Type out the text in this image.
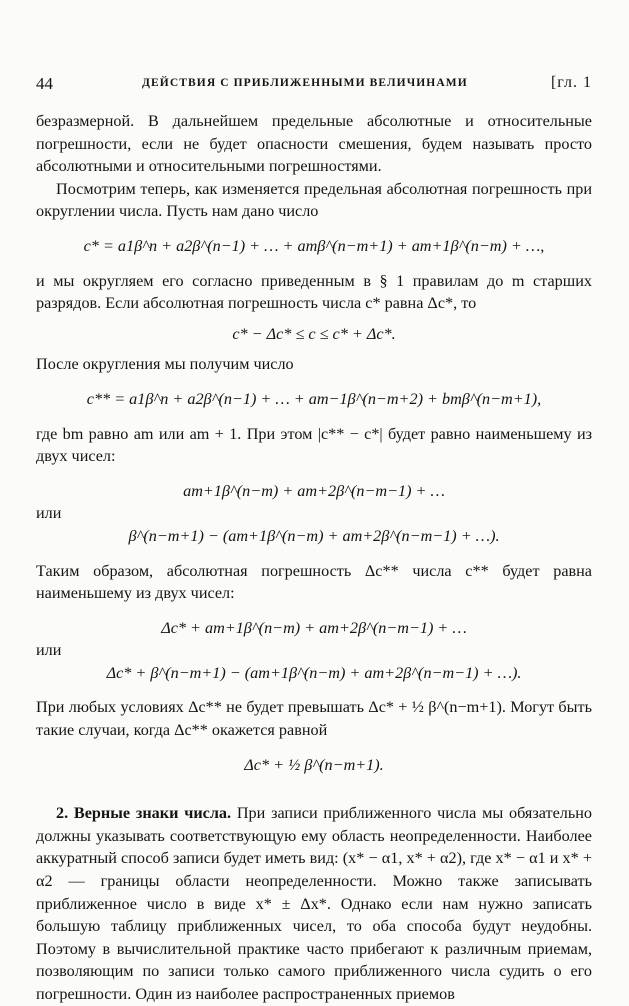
44	ДЕЙСТВИЯ С ПРИБЛИЖЕННЫМИ ВЕЛИЧИНАМИ	[гл. 1

безразмерной. В дальнейшем предельные абсолютные и относительные погрешности, если не будет опасности смешения, будем называть просто абсолютными и относительными погрешностями.

Посмотрим теперь, как изменяется предельная абсолютная погрешность при округлении числа. Пусть нам дано число

c* = a1β^n + a2β^(n−1) + … + amβ^(n−m+1) + am+1β^(n−m) + …,

и мы округляем его согласно приведенным в § 1 правилам до m старших разрядов. Если абсолютная погрешность числа c* равна Δc*, то

c* − Δc* ≤ c ≤ c* + Δc*.

После округления мы получим число

c** = a1β^n + a2β^(n−1) + … + am−1β^(n−m+2) + bmβ^(n−m+1),

где bm равно am или am + 1. При этом |c** − c*| будет равно наименьшему из двух чисел:

am+1β^(n−m) + am+2β^(n−m−1) + …

или

β^(n−m+1) − (am+1β^(n−m) + am+2β^(n−m−1) + …).

Таким образом, абсолютная погрешность Δc** числа c** будет равна наименьшему из двух чисел:

Δc* + am+1β^(n−m) + am+2β^(n−m−1) + …

или

Δc* + β^(n−m+1) − (am+1β^(n−m) + am+2β^(n−m−1) + …).

При любых условиях Δc** не будет превышать Δc* + ½ β^(n−m+1). Могут быть такие случаи, когда Δc** окажется равной

Δc* + ½ β^(n−m+1).

2. Верные знаки числа. При записи приближенного числа мы обязательно должны указывать соответствующую ему область неопределенности. Наиболее аккуратный способ записи будет иметь вид: (x* − α1, x* + α2), где x* − α1 и x* + α2 — границы области неопределенности. Можно также записывать приближенное число в виде x* ± Δx*. Однако если нам нужно записать большую таблицу приближенных чисел, то оба способа будут неудобны. Поэтому в вычислительной практике часто прибегают к различным приемам, позволяющим по записи только самого приближенного числа судить о его погрешности. Один из наиболее распространенных приемов
